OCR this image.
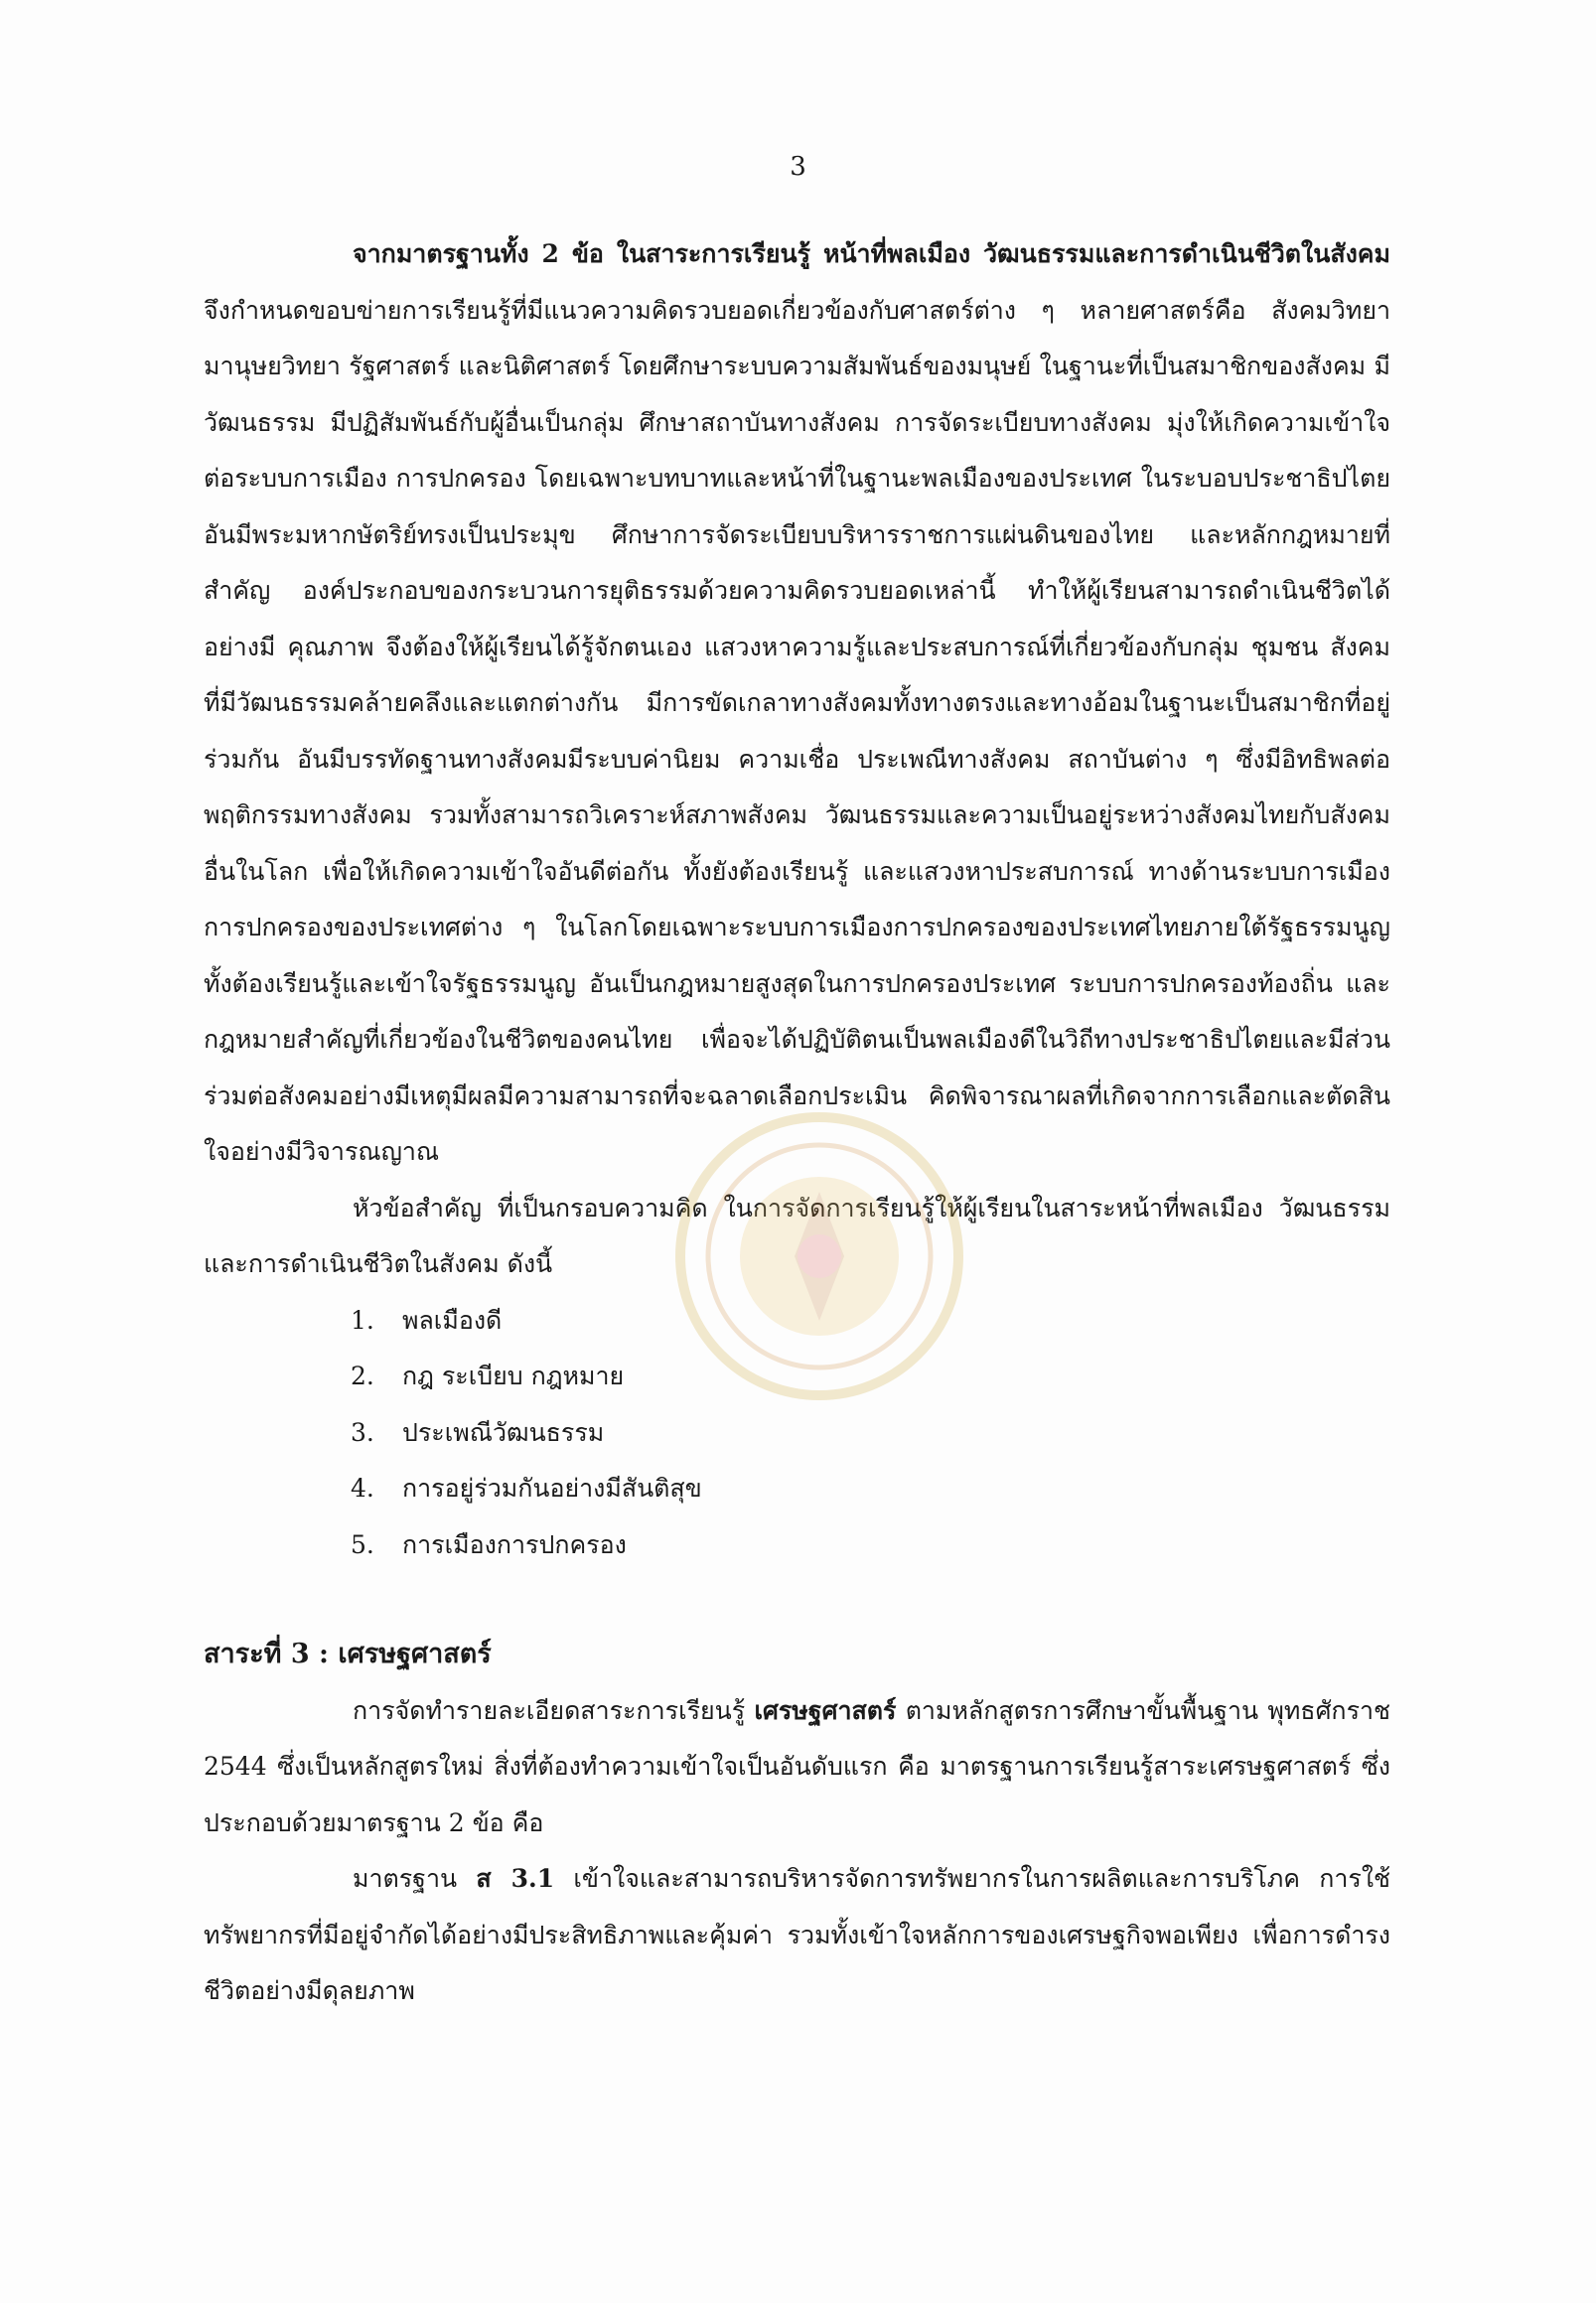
3

จากมาตรฐานทั้ง 2 ข้อ ในสาระการเรียนรู้ หน้าที่พลเมือง วัฒนธรรมและการดำเนินชีวิตในสังคม จึงกำหนดขอบข่ายการเรียนรู้ที่มีแนวความคิดรวบยอดเกี่ยวข้องกับศาสตร์ต่าง ๆ หลายศาสตร์คือ สังคมวิทยา มานุษยวิทยา รัฐศาสตร์ และนิติศาสตร์ โดยศึกษาระบบความสัมพันธ์ของมนุษย์ ในฐานะที่เป็นสมาชิกของสังคม มีวัฒนธรรม มีปฏิสัมพันธ์กับผู้อื่นเป็นกลุ่ม ศึกษาสถาบันทางสังคม การจัดระเบียบทางสังคม มุ่งให้เกิดความเข้าใจต่อระบบการเมือง การปกครอง โดยเฉพาะบทบาทและหน้าที่ในฐานะพลเมืองของประเทศ ในระบอบประชาธิปไตยอันมีพระมหากษัตริย์ทรงเป็นประมุข ศึกษาการจัดระเบียบบริหารราชการแผ่นดินของไทย และหลักกฎหมายที่สำคัญ องค์ประกอบของกระบวนการยุติธรรมด้วยความคิดรวบยอดเหล่านี้ ทำให้ผู้เรียนสามารถดำเนินชีวิตได้อย่างมี คุณภาพ จึงต้องให้ผู้เรียนได้รู้จักตนเอง แสวงหาความรู้และประสบการณ์ที่เกี่ยวข้องกับกลุ่ม ชุมชน สังคม ที่มีวัฒนธรรมคล้ายคลึงและแตกต่างกัน มีการขัดเกลาทางสังคมทั้งทางตรงและทางอ้อมในฐานะเป็นสมาชิกที่อยู่ร่วมกัน อันมีบรรทัดฐานทางสังคมมีระบบค่านิยม ความเชื่อ ประเพณีทางสังคม สถาบันต่าง ๆ ซึ่งมีอิทธิพลต่อพฤติกรรมทางสังคม รวมทั้งสามารถวิเคราะห์สภาพสังคม วัฒนธรรมและความเป็นอยู่ระหว่างสังคมไทยกับสังคมอื่นในโลก เพื่อให้เกิดความเข้าใจอันดีต่อกัน ทั้งยังต้องเรียนรู้ และแสวงหาประสบการณ์ ทางด้านระบบการเมือง การปกครองของประเทศต่าง ๆ ในโลกโดยเฉพาะระบบการเมืองการปกครองของประเทศไทยภายใต้รัฐธรรมนูญ ทั้งต้องเรียนรู้และเข้าใจรัฐธรรมนูญ อันเป็นกฎหมายสูงสุดในการปกครองประเทศ ระบบการปกครองท้องถิ่น และกฎหมายสำคัญที่เกี่ยวข้องในชีวิตของคนไทย เพื่อจะได้ปฏิบัติตนเป็นพลเมืองดีในวิถีทางประชาธิปไตยและมีส่วนร่วมต่อสังคมอย่างมีเหตุมีผลมีความสามารถที่จะฉลาดเลือกประเมิน คิดพิจารณาผลที่เกิดจากการเลือกและตัดสินใจอย่างมีวิจารณญาณ

หัวข้อสำคัญ ที่เป็นกรอบความคิด ในการจัดการเรียนรู้ให้ผู้เรียนในสาระหน้าที่พลเมือง วัฒนธรรมและการดำเนินชีวิตในสังคม ดังนี้

1. พลเมืองดี
2. กฎ ระเบียบ กฎหมาย
3. ประเพณีวัฒนธรรม
4. การอยู่ร่วมกันอย่างมีสันติสุข
5. การเมืองการปกครอง
สาระที่ 3 : เศรษฐศาสตร์

การจัดทำรายละเอียดสาระการเรียนรู้ เศรษฐศาสตร์ ตามหลักสูตรการศึกษาขั้นพื้นฐาน พุทธศักราช 2544 ซึ่งเป็นหลักสูตรใหม่ สิ่งที่ต้องทำความเข้าใจเป็นอันดับแรก คือ มาตรฐานการเรียนรู้สาระเศรษฐศาสตร์ ซึ่งประกอบด้วยมาตรฐาน 2 ข้อ คือ

มาตรฐาน ส 3.1 เข้าใจและสามารถบริหารจัดการทรัพยากรในการผลิตและการบริโภค การใช้ทรัพยากรที่มีอยู่จำกัดได้อย่างมีประสิทธิภาพและคุ้มค่า รวมทั้งเข้าใจหลักการของเศรษฐกิจพอเพียง เพื่อการดำรงชีวิตอย่างมีดุลยภาพ
